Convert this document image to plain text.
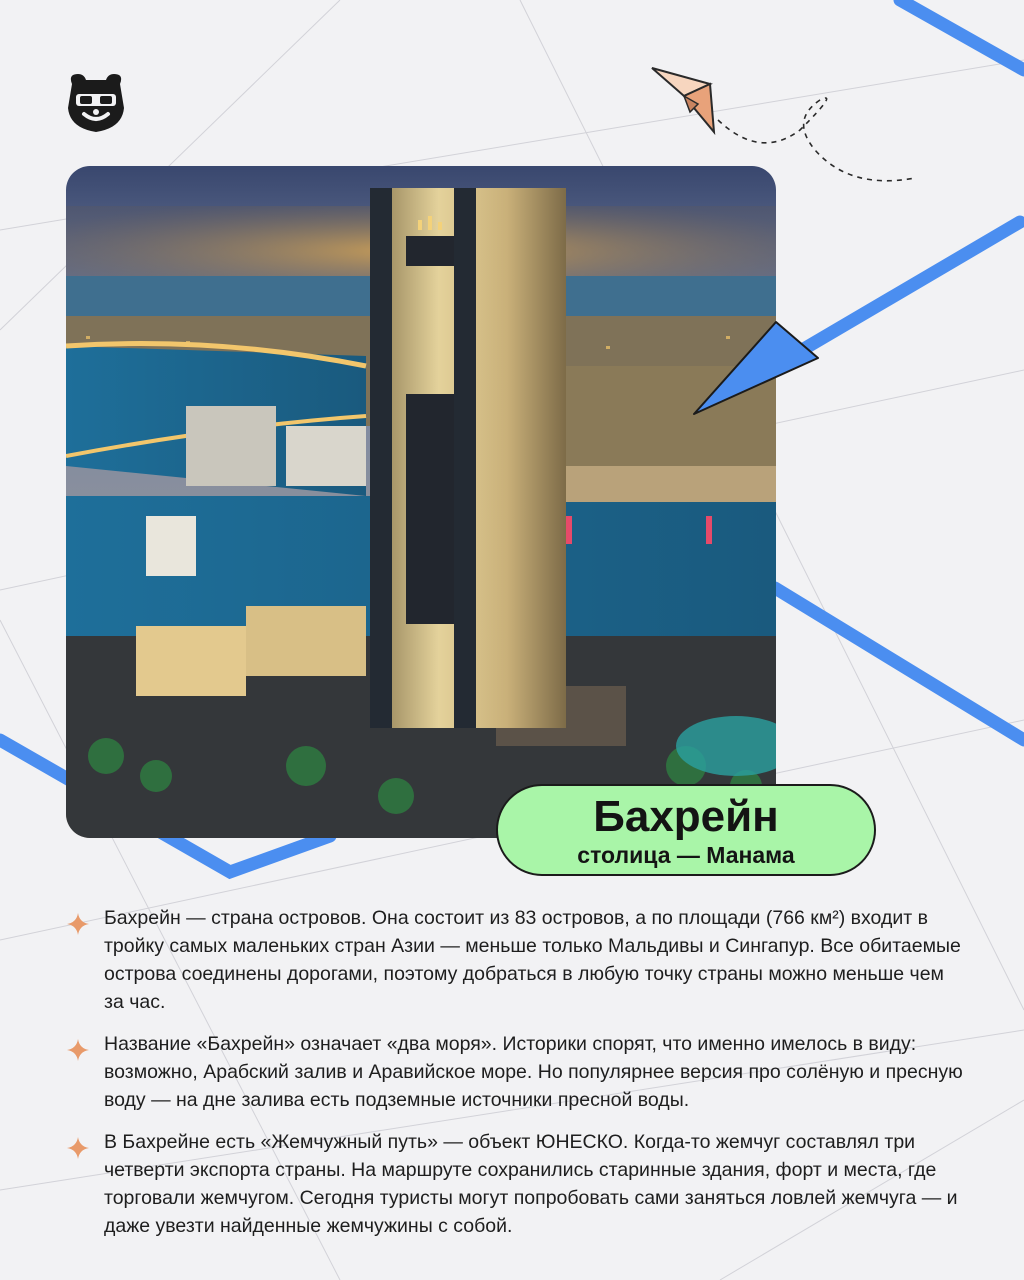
Бахрейн
столица — Манама

Бахрейн — страна островов. Она состоит из 83 островов, а по площади (766 км²) входит в тройку самых маленьких стран Азии — меньше только Мальдивы и Сингапур. Все обитаемые острова соединены дорогами, поэтому добраться в любую точку страны можно меньше чем за час.

Название «Бахрейн» означает «два моря». Историки спорят, что именно имелось в виду: возможно, Арабский залив и Аравийское море. Но популярнее версия про солёную и пресную воду — на дне залива есть подземные источники пресной воды.

В Бахрейне есть «Жемчужный путь» — объект ЮНЕСКО. Когда-то жемчуг составлял три четверти экспорта страны. На маршруте сохранились старинные здания, форт и места, где торговали жемчугом. Сегодня туристы могут попробовать сами заняться ловлей жемчуга — и даже увезти найденные жемчужины с собой.
